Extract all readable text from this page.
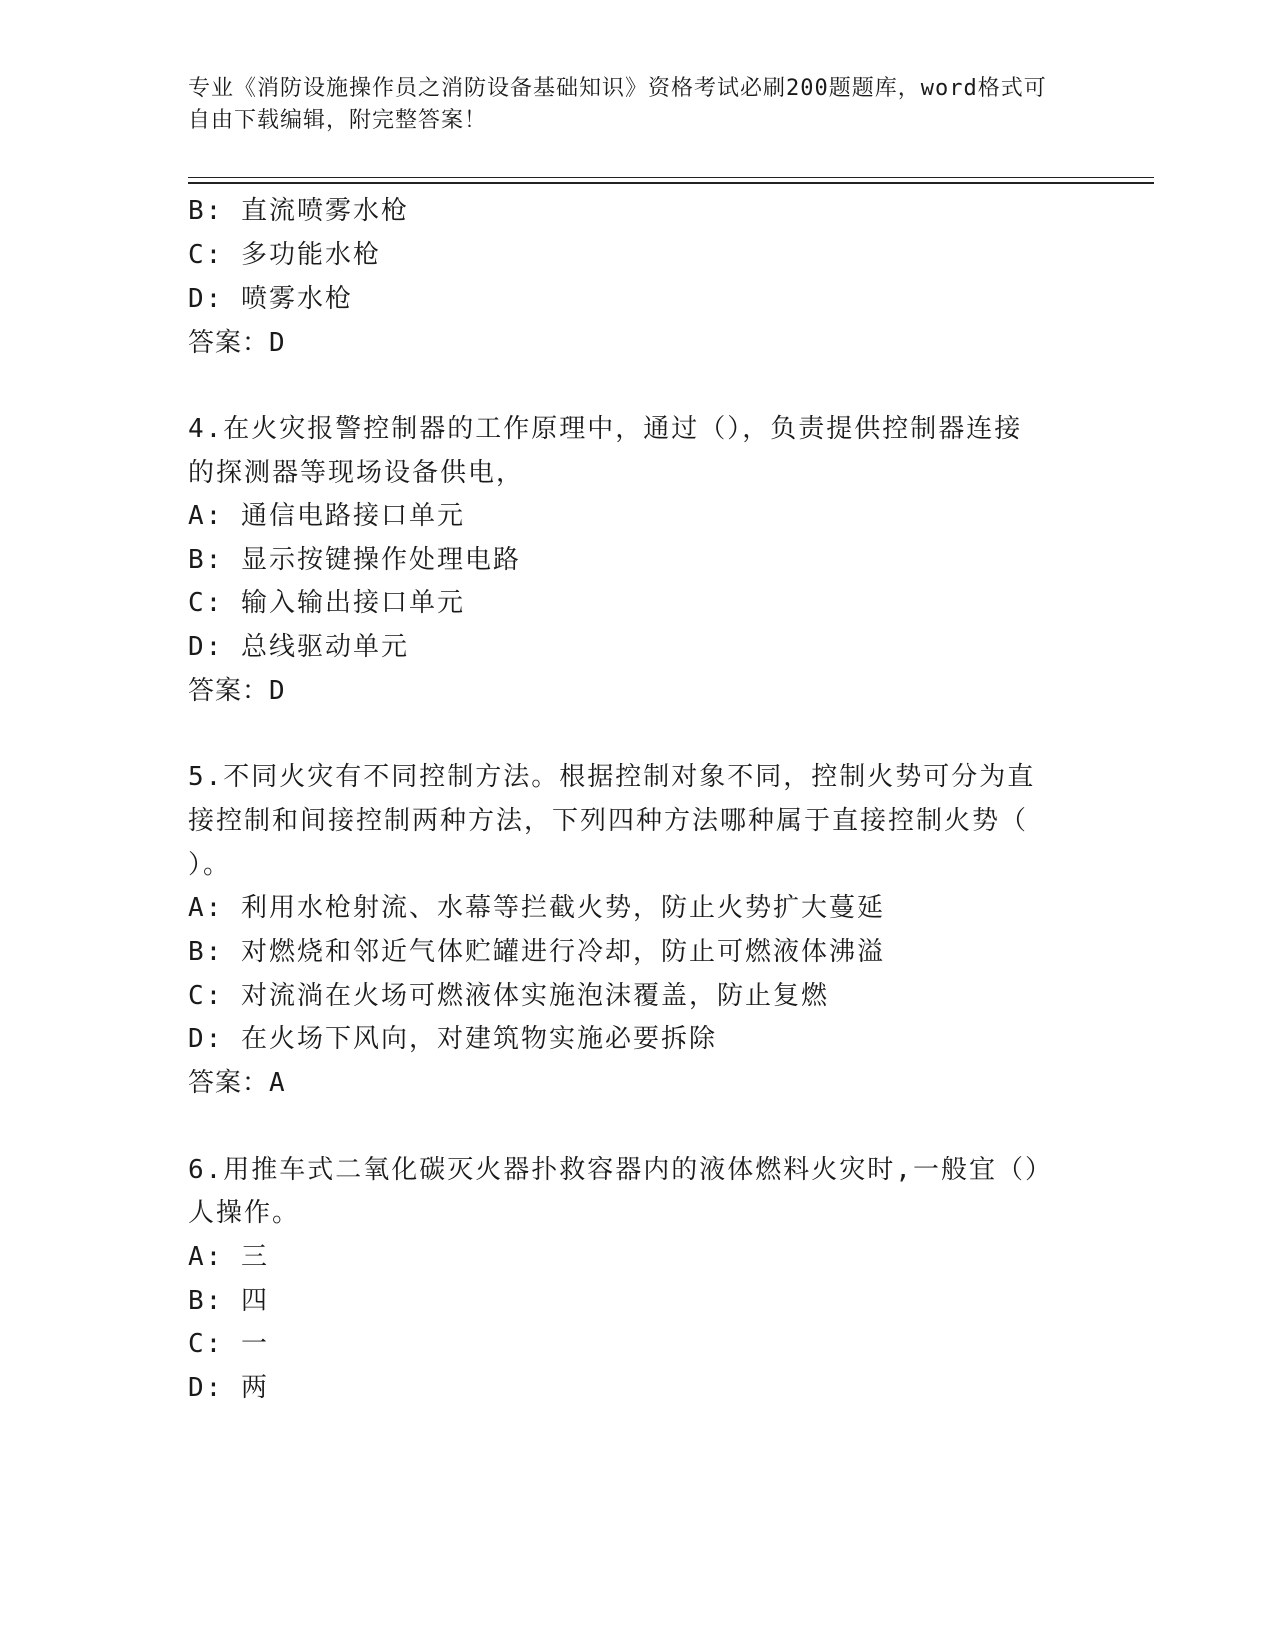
专业《消防设施操作员之消防设备基础知识》资格考试必刷200题题库，word格式可自由下载编辑，附完整答案！
B: 直流喷雾水枪
C: 多功能水枪
D: 喷雾水枪
答案：D
4.在火灾报警控制器的工作原理中，通过（），负责提供控制器连接
的探测器等现场设备供电，
A: 通信电路接口单元
B: 显示按键操作处理电路
C: 输入输出接口单元
D: 总线驱动单元
答案：D
5.不同火灾有不同控制方法。根据控制对象不同，控制火势可分为直
接控制和间接控制两种方法，下列四种方法哪种属于直接控制火势（
）。
A: 利用水枪射流、水幕等拦截火势，防止火势扩大蔓延
B: 对燃烧和邻近气体贮罐进行冷却，防止可燃液体沸溢
C: 对流淌在火场可燃液体实施泡沫覆盖，防止复燃
D: 在火场下风向，对建筑物实施必要拆除
答案：A
6.用推车式二氧化碳灭火器扑救容器内的液体燃料火灾时,一般宜（）
人操作。
A: 三
B: 四
C: 一
D: 两
